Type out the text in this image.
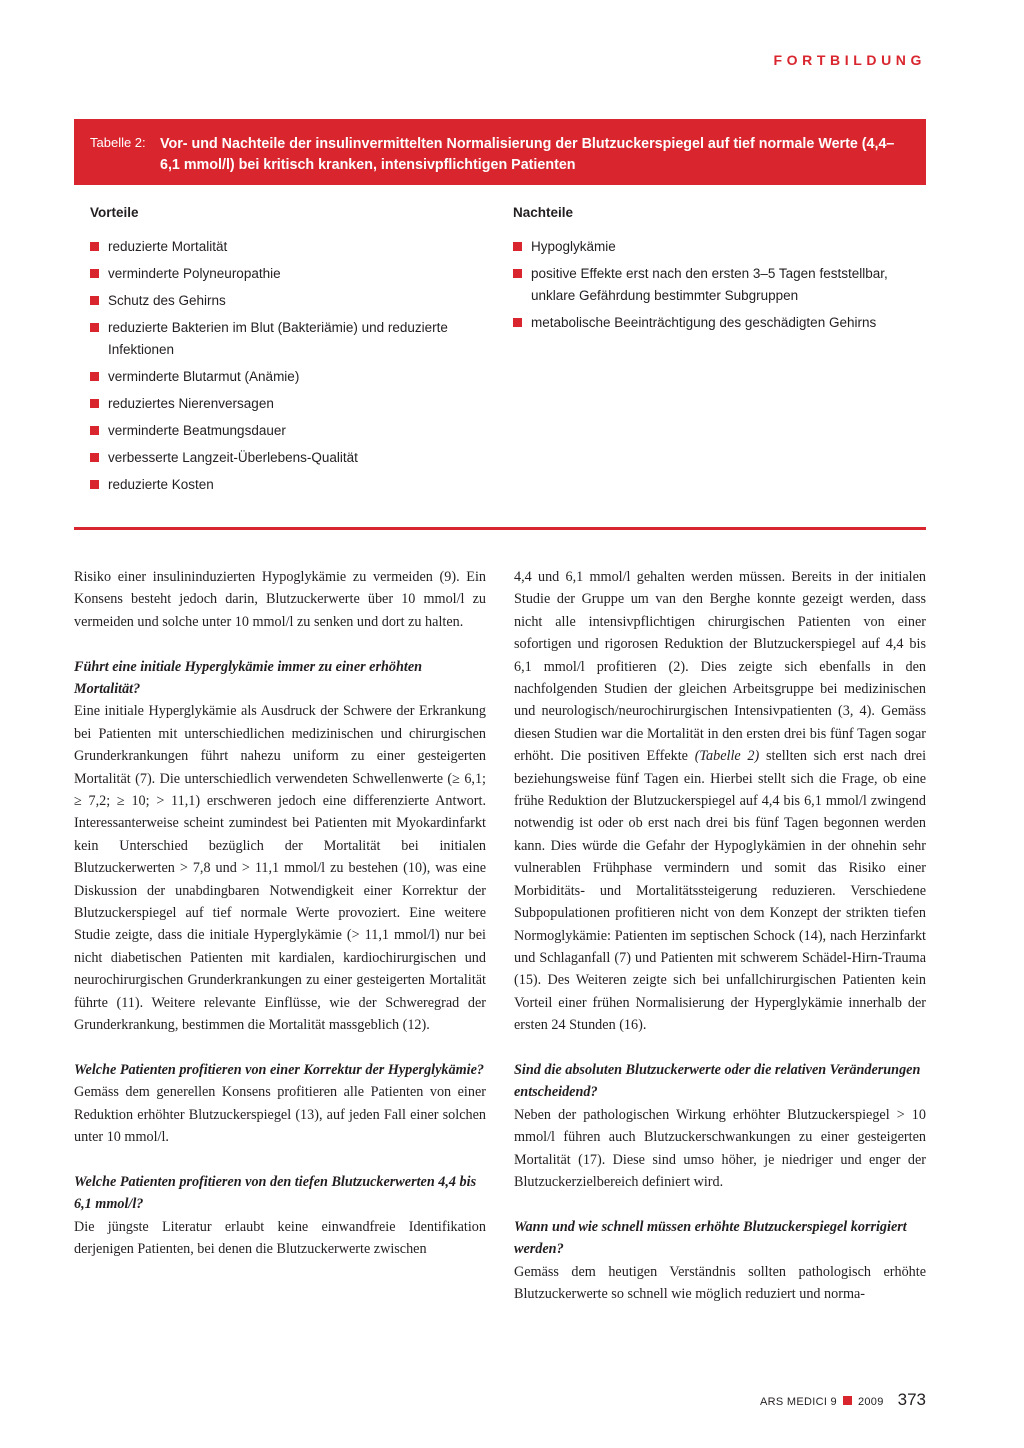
FORTBILDUNG
Tabelle 2: Vor- und Nachteile der insulinvermittelten Normalisierung der Blutzuckerspiegel auf tief normale Werte (4,4–6,1 mmol/l) bei kritisch kranken, intensivpflichtigen Patienten
Vorteile
reduzierte Mortalität
verminderte Polyneuropathie
Schutz des Gehirns
reduzierte Bakterien im Blut (Bakteriämie) und reduzierte Infektionen
verminderte Blutarmut (Anämie)
reduziertes Nierenversagen
verminderte Beatmungsdauer
verbesserte Langzeit-Überlebens-Qualität
reduzierte Kosten
Nachteile
Hypoglykämie
positive Effekte erst nach den ersten 3–5 Tagen feststellbar, unklare Gefährdung bestimmter Subgruppen
metabolische Beeinträchtigung des geschädigten Gehirns

Risiko einer insulininduzierten Hypoglykämie zu vermeiden (9). Ein Konsens besteht jedoch darin, Blutzuckerwerte über 10 mmol/l zu vermeiden und solche unter 10 mmol/l zu senken und dort zu halten.

Führt eine initiale Hyperglykämie immer zu einer erhöhten Mortalität?

Eine initiale Hyperglykämie als Ausdruck der Schwere der Erkrankung bei Patienten mit unterschiedlichen medizinischen und chirurgischen Grunderkrankungen führt nahezu uniform zu einer gesteigerten Mortalität (7). Die unterschiedlich verwendeten Schwellenwerte (≥ 6,1; ≥ 7,2; ≥ 10; > 11,1) erschweren jedoch eine differenzierte Antwort. Interessanterweise scheint zumindest bei Patienten mit Myokardinfarkt kein Unterschied bezüglich der Mortalität bei initialen Blutzuckerwerten > 7,8 und > 11,1 mmol/l zu bestehen (10), was eine Diskussion der unabdingbaren Notwendigkeit einer Korrektur der Blutzuckerspiegel auf tief normale Werte provoziert. Eine weitere Studie zeigte, dass die initiale Hyperglykämie (> 11,1 mmol/l) nur bei nicht diabetischen Patienten mit kardialen, kardiochirurgischen und neurochirurgischen Grunderkrankungen zu einer gesteigerten Mortalität führte (11). Weitere relevante Einflüsse, wie der Schweregrad der Grunderkrankung, bestimmen die Mortalität massgeblich (12).

Welche Patienten profitieren von einer Korrektur der Hyperglykämie?

Gemäss dem generellen Konsens profitieren alle Patienten von einer Reduktion erhöhter Blutzuckerspiegel (13), auf jeden Fall einer solchen unter 10 mmol/l.

Welche Patienten profitieren von den tiefen Blutzuckerwerten 4,4 bis 6,1 mmol/l?

Die jüngste Literatur erlaubt keine einwandfreie Identifikation derjenigen Patienten, bei denen die Blutzuckerwerte zwischen

4,4 und 6,1 mmol/l gehalten werden müssen. Bereits in der initialen Studie der Gruppe um van den Berghe konnte gezeigt werden, dass nicht alle intensivpflichtigen chirurgischen Patienten von einer sofortigen und rigorosen Reduktion der Blutzuckerspiegel auf 4,4 bis 6,1 mmol/l profitieren (2). Dies zeigte sich ebenfalls in den nachfolgenden Studien der gleichen Arbeitsgruppe bei medizinischen und neurologisch/neurochirurgischen Intensivpatienten (3, 4). Gemäss diesen Studien war die Mortalität in den ersten drei bis fünf Tagen sogar erhöht. Die positiven Effekte (Tabelle 2) stellten sich erst nach drei beziehungsweise fünf Tagen ein. Hierbei stellt sich die Frage, ob eine frühe Reduktion der Blutzuckerspiegel auf 4,4 bis 6,1 mmol/l zwingend notwendig ist oder ob erst nach drei bis fünf Tagen begonnen werden kann. Dies würde die Gefahr der Hypoglykämien in der ohnehin sehr vulnerablen Frühphase vermindern und somit das Risiko einer Morbiditäts- und Mortalitätssteigerung reduzieren. Verschiedene Subpopulationen profitieren nicht von dem Konzept der strikten tiefen Normoglykämie: Patienten im septischen Schock (14), nach Herzinfarkt und Schlaganfall (7) und Patienten mit schwerem Schädel-Hirn-Trauma (15). Des Weiteren zeigte sich bei unfallchirurgischen Patienten kein Vorteil einer frühen Normalisierung der Hyperglykämie innerhalb der ersten 24 Stunden (16).

Sind die absoluten Blutzuckerwerte oder die relativen Veränderungen entscheidend?

Neben der pathologischen Wirkung erhöhter Blutzuckerspiegel > 10 mmol/l führen auch Blutzuckerschwankungen zu einer gesteigerten Mortalität (17). Diese sind umso höher, je niedriger und enger der Blutzuckerzielbereich definiert wird.

Wann und wie schnell müssen erhöhte Blutzuckerspiegel korrigiert werden?

Gemäss dem heutigen Verständnis sollten pathologisch erhöhte Blutzuckerwerte so schnell wie möglich reduziert und norma-

ARS MEDICI 9 2009 373
